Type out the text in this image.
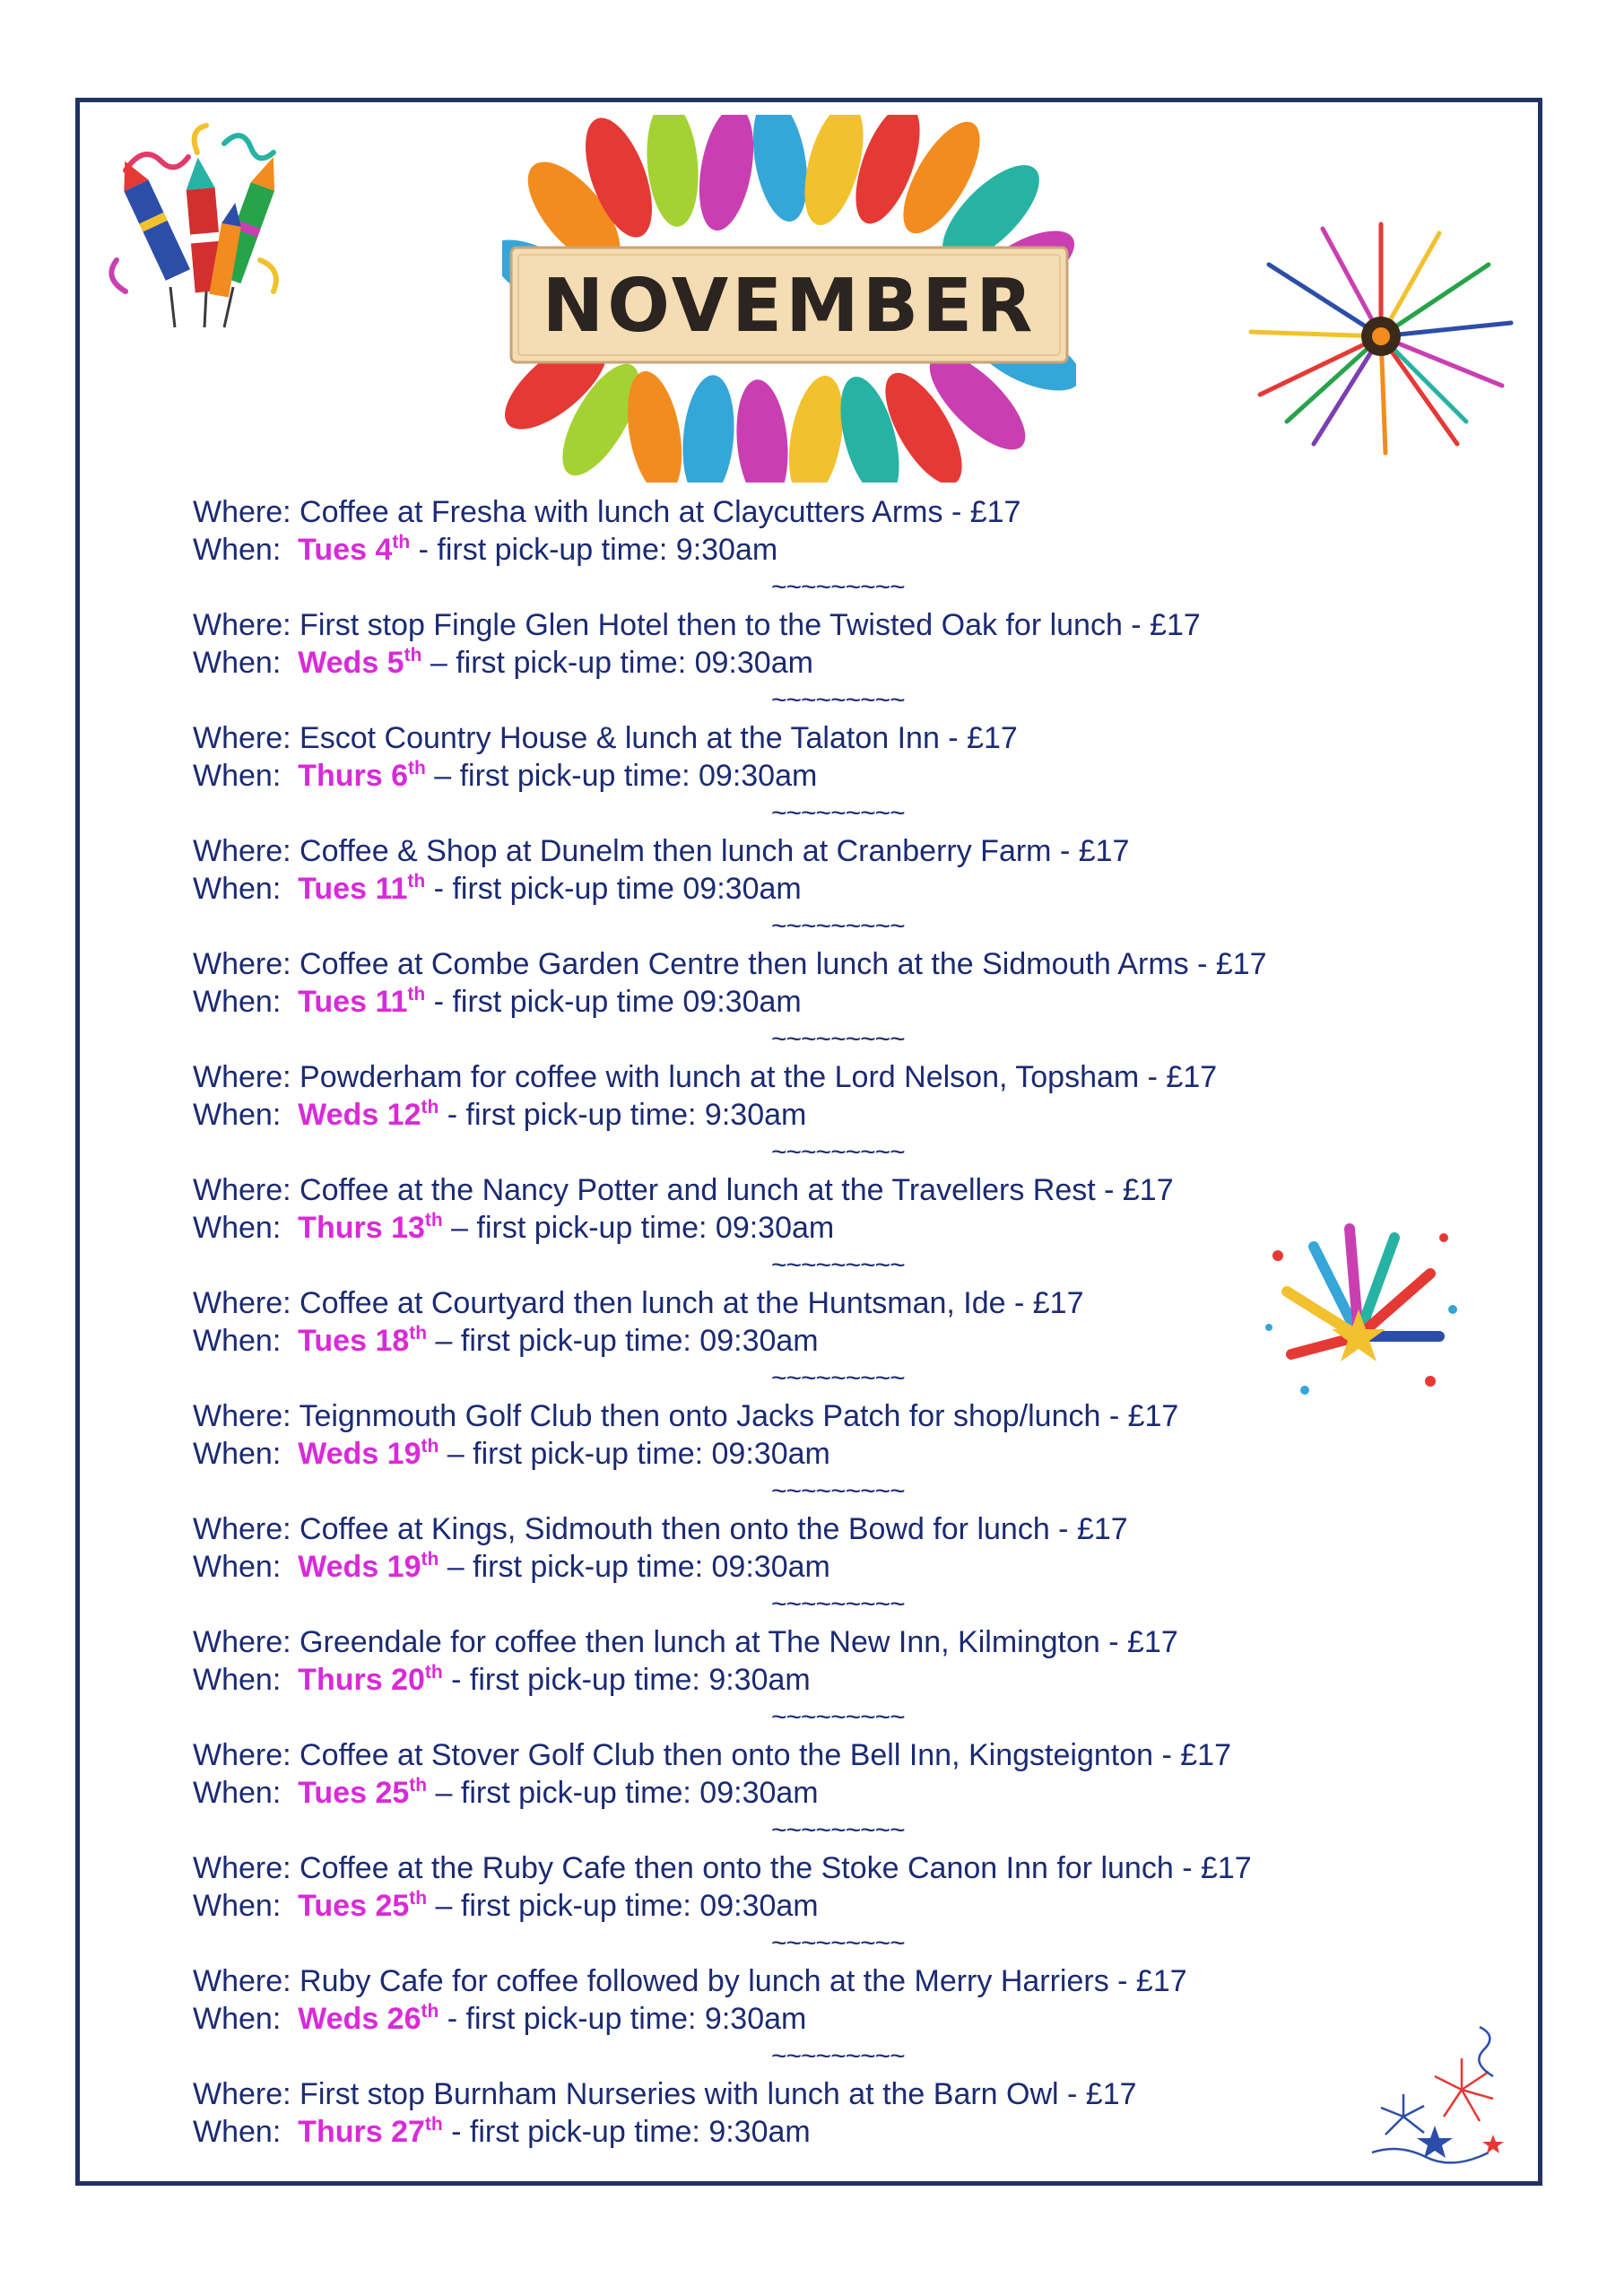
NOVEMBER
Where: Coffee at Fresha with lunch at Claycutters Arms - £17
When: Tues 4th - first pick-up time: 9:30am
~~~~~~~~~
Where: First stop Fingle Glen Hotel then to the Twisted Oak for lunch - £17
When: Weds 5th – first pick-up time: 09:30am
~~~~~~~~~
Where: Escot Country House & lunch at the Talaton Inn - £17
When: Thurs 6th – first pick-up time: 09:30am
~~~~~~~~~
Where: Coffee & Shop at Dunelm then lunch at Cranberry Farm - £17
When: Tues 11th - first pick-up time 09:30am
~~~~~~~~~
Where: Coffee at Combe Garden Centre then lunch at the Sidmouth Arms - £17
When: Tues 11th - first pick-up time 09:30am
~~~~~~~~~
Where: Powderham for coffee with lunch at the Lord Nelson, Topsham - £17
When: Weds 12th - first pick-up time: 9:30am
~~~~~~~~~
Where: Coffee at the Nancy Potter and lunch at the Travellers Rest - £17
When: Thurs 13th – first pick-up time: 09:30am
~~~~~~~~~
Where: Coffee at Courtyard then lunch at the Huntsman, Ide - £17
When: Tues 18th – first pick-up time: 09:30am
~~~~~~~~~
Where: Teignmouth Golf Club then onto Jacks Patch for shop/lunch - £17
When: Weds 19th – first pick-up time: 09:30am
~~~~~~~~~
Where: Coffee at Kings, Sidmouth then onto the Bowd for lunch - £17
When: Weds 19th – first pick-up time: 09:30am
~~~~~~~~~
Where: Greendale for coffee then lunch at The New Inn, Kilmington - £17
When: Thurs 20th - first pick-up time: 9:30am
~~~~~~~~~
Where: Coffee at Stover Golf Club then onto the Bell Inn, Kingsteignton - £17
When: Tues 25th – first pick-up time: 09:30am
~~~~~~~~~
Where: Coffee at the Ruby Cafe then onto the Stoke Canon Inn for lunch - £17
When: Tues 25th – first pick-up time: 09:30am
~~~~~~~~~
Where: Ruby Cafe for coffee followed by lunch at the Merry Harriers - £17
When: Weds 26th - first pick-up time: 9:30am
~~~~~~~~~
Where: First stop Burnham Nurseries with lunch at the Barn Owl - £17
When: Thurs 27th - first pick-up time: 9:30am
